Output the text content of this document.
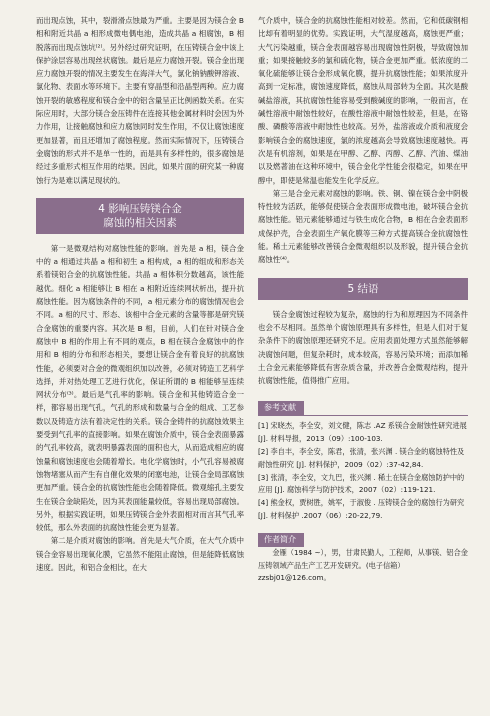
而出现点蚀，其中，裂滑滑点蚀最为严重。主要是因为镁合金 B 相和附近共晶 a 相形成微电偶电池，造成共晶 a 相腐蚀，B 相脱落而出现点蚀坑⁽²⁾。另外经过研究证明，在压铸镁合金中该上保护涂层容易出现丝状腐蚀。最后是应力腐蚀开裂。镁合金出现应力腐蚀开裂的情况主要发生在海洋大气，氯化钠钠酸钾溶液、氯化物、表面水等环境下。主要有穿晶型和沿晶型两种。应力腐蚀开裂的敏感程度和镁合金中的铝含量呈正比例函数关系。在实际应用时，大部分镁合金压铸件在连接其他金属材料时会因为外力作用，让接触腐蚀和应力腐蚀同时发生作用，不仅让腐蚀速度更加显著，而且还增加了腐蚀程度。然而实际情况下，压铸镁合金腐蚀的形式并不是单一性的，而是具有多样性的，很多腐蚀是经过多重形式相互作用的结果。因此，如果片面的研究某一种腐蚀行为是难以满足现状的。

4 影响压铸镁合金
腐蚀的相关因素

第一是微观结构对腐蚀性能的影响。首先是 a 相，镁合金中的 a 相通过共晶 a 相和初生 a 相构成，a 相的组成和形态关系着镁铝合金的抗腐蚀性能。共晶 a 相体积分数越高，该性能越优。细化 a 相能够让 B 相在 a 相附近连续网状析出，提升抗腐蚀性能。因为腐蚀条件的不同，a 相元素分布的腐蚀情况也会不同。a 相的尺寸、形态、该相中合金元素的含量等都是研究镁合金腐蚀的重要内容。其次是 B 相，目前，人们在针对镁合金腐蚀中 B 相的作用上有不同的观点，B 相在镁合金腐蚀中的作用和 B 相的分布和形态相关，要想让镁合金有着良好的抗腐蚀性能，必须要对合金的微观组织加以改善，必须对铸造工艺科学选择，并对热处理工艺进行优化，保证所谓的 B 相能够呈连续网状分布⁽³⁾。最后是气孔率的影响。镁合金和其他铸造合金一样，都容易出现气孔，气孔的形成和数量与合金的组成、工艺参数以及铸造方法有着决定性的关系。镁合金铸件的抗腐蚀效果主要受到气孔率的直接影响。如果在腐蚀介质中，镁合金表面暴露的气孔率较高，就表明暴露表面的面积也大，从而造成相应的腐蚀量和腐蚀速度也会随着增长。电化学腐蚀时，小气孔容易被腐蚀物堵塞从而产生有自催化效果的闭塞电池，让镁合金局部腐蚀更加严重。镁合金的抗腐蚀性能也会随着降低。微观缩孔主要发生在镁合金缺陷处，因为其表面能量较低，容易出现局部腐蚀。另外，根据实践证明，如果压铸镁合金外表面相对而言其气孔率较低，那么外表面的抗腐蚀性能会更为显著。

第二是介质对腐蚀的影响。首先是大气介质，在大气介质中镁合金容易出现氧化膜，它虽然不能阻止腐蚀，但是能降低腐蚀速度。因此，和铝合金相比，在大

气介质中，镁合金的抗腐蚀性能相对较差。然而，它和低碳钢相比却有着明显的优势。实践证明，大气湿度越高，腐蚀更严重；大气污染越重，镁合金表面越容易出现腐蚀性阴极，导致腐蚀加重；如果接触较多的氯和硫化物，镁合金更加严重。低浓度的二氧化硫能够让镁合金形成氧化膜，提升抗腐蚀性能；如果浓度升高到一定标准，腐蚀速度降低，腐蚀从局部转为全面。其次是酸碱盐溶液，其抗腐蚀性能容易受到酸碱度的影响，一般而言，在碱性溶液中耐蚀性较好，在酸性溶液中耐蚀性较差，但是，在铬酸、磷酸等溶液中耐蚀性也较高。另外，盐溶液或介质和液度会影响镁合金的腐蚀速度，氯的浓度越高会导致腐蚀速度越快。再次是有机溶剂，如果是在甲醇、乙醇、丙醇、乙醇、汽油、煤油以及燃著油在这种环境中，镁合金化学性能会很稳定，如果在甲醇中，即使是常温也能发生化学反应。

第三是合金元素对腐蚀的影响。铁、铜、镍在镁合金中阴极特性较为活跃，能够促使镁合金表面形成微电池，破坏镁合金抗腐蚀性能。铝元素能够通过与铁生成化合物，B 相在合金表面形成保护壳，合金表面生产氧化膜等三种方式提高镁合金抗腐蚀性能。稀土元素能够改善镁合金微观组织以及形貌，提升镁合金抗腐蚀性⁽⁴⁾。

5 结语

镁合金腐蚀过程较为复杂，腐蚀的行为和原理因为不同条件也会不尽相同。虽然单个腐蚀原理具有多样性，但是人们对于复杂条件下的腐蚀原理还研究不足。应用表面处理方式虽然能够解决腐蚀问题，但复杂耗时，成本较高，容易污染环境；而添加稀土合金元素能够降低有害杂质含量，并改善合金微观结构，提升抗腐蚀性能，值得推广应用。

参考文献

[1] 宋晓杰，李全安，刘文健，陈志 .AZ 系镁合金耐蚀性研究进展 [J]. 材料导报，2013（09）:100-103.

[2] 李自丰，李全安，陈君，张清，张兴渊 . 镁合金的腐蚀特性及耐蚀性研究 [J]. 材料保护，2009（02）:37-42,84.

[3] 张清，李全安，文九巴，张兴渊 . 稀土在镁合金腐蚀防护中的应用 [J]. 腐蚀科学与防护技术，2007（02）:119-121.

[4] 熊金权，贾树胜，姚军，于淑俊 . 压铸镁合金的腐蚀行为研究 [J]. 材料保护 .2007（06）:20-22,79.

作者简介

金雁（1984 ~），男，甘肃民勤人，工程师，从事镁、铝合金压铸领域产品生产工艺开发研究。(电子信箱）zzsbj01@126.com。
